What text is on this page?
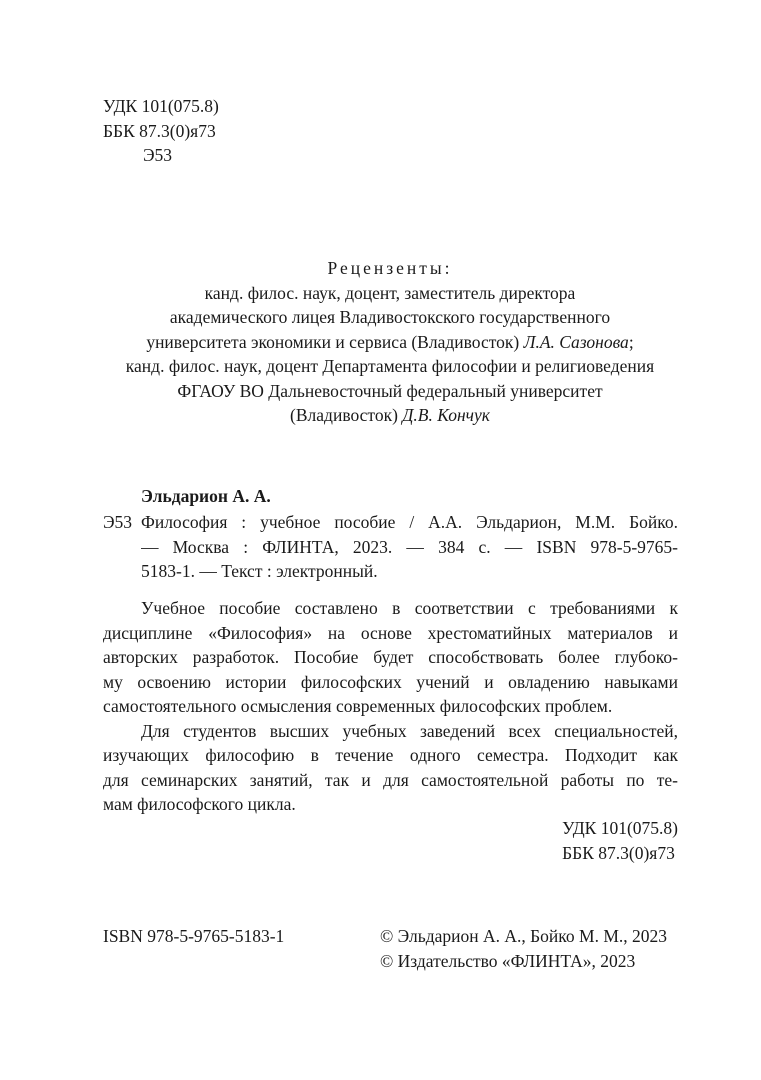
УДК 101(075.8)
ББК 87.3(0)я73
Э53
Рецензенты:
канд. филос. наук, доцент, заместитель директора
академического лицея Владивостокского государственного
университета экономики и сервиса (Владивосток) Л.А. Сазонова;
канд. филос. наук, доцент Департамента философии и религиоведения
ФГАОУ ВО Дальневосточный федеральный университет
(Владивосток) Д.В. Кончук
Эльдарион А. А.
Э53 Философия : учебное пособие / А.А. Эльдарион, М.М. Бойко.
— Москва : ФЛИНТА, 2023. — 384 с. — ISBN 978-5-9765-
5183-1. — Текст : электронный.
Учебное пособие составлено в соответствии с требованиями к
дисциплине «Философия» на основе хрестоматийных материалов и
авторских разработок. Пособие будет способствовать более глубоко-
му освоению истории философских учений и овладению навыками
самостоятельного осмысления современных философских проблем.
Для студентов высших учебных заведений всех специальностей,
изучающих философию в течение одного семестра. Подходит как
для семинарских занятий, так и для самостоятельной работы по те-
мам философского цикла.
УДК 101(075.8)
ББК 87.3(0)я73
ISBN 978-5-9765-5183-1	© Эльдарион А. А., Бойко М. М., 2023
© Издательство «ФЛИНТА», 2023
